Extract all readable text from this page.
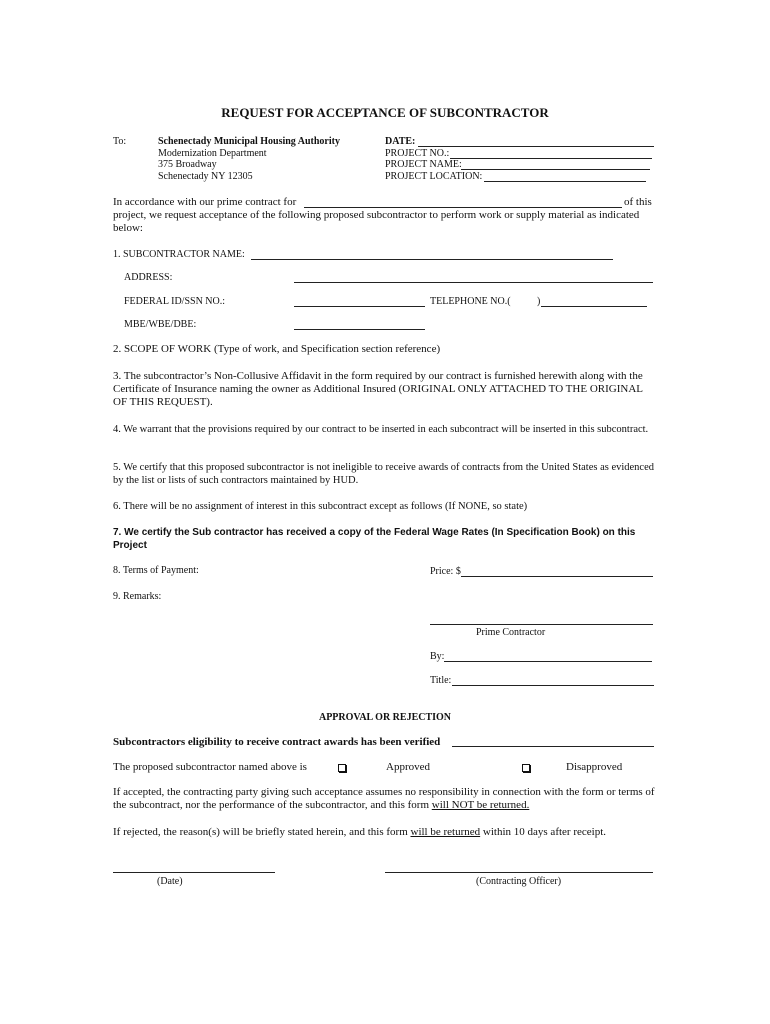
REQUEST FOR ACCEPTANCE OF SUBCONTRACTOR
To:	Schenectady Municipal Housing Authority
Modernization Department
375 Broadway
Schenectady NY 12305
DATE:
PROJECT NO.:
PROJECT NAME:
PROJECT LOCATION:
In accordance with our prime contract for	of this
project, we request acceptance of the following proposed subcontractor to perform work or supply material as indicated below:
1. SUBCONTRACTOR NAME:
ADDRESS:
FEDERAL ID/SSN NO.:	TELEPHONE NO.(	)
MBE/WBE/DBE:
2. SCOPE OF WORK (Type of work, and Specification section reference)
3. The subcontractor’s Non-Collusive Affidavit in the form required by our contract is furnished herewith along with the Certificate of Insurance naming the owner as Additional Insured (ORIGINAL ONLY ATTACHED TO THE ORIGINAL OF THIS REQUEST).
4. We warrant that the provisions required by our contract to be inserted in each subcontract will be inserted in this subcontract.
5. We certify that this proposed subcontractor is not ineligible to receive awards of contracts from the United States as evidenced by the list or lists of such contractors maintained by HUD.
6. There will be no assignment of interest in this subcontract except as follows (If NONE, so state)
7. We certify the Sub contractor has received a copy of the Federal Wage Rates (In Specification Book) on this Project
8. Terms of Payment:	Price: $
9. Remarks:
Prime Contractor
By:
Title:
APPROVAL OR REJECTION
Subcontractors eligibility to receive contract awards has been verified
The proposed subcontractor named above is	Approved	Disapproved
If accepted, the contracting party giving such acceptance assumes no responsibility in connection with the form or terms of the subcontract, nor the performance of the subcontractor, and this form will NOT be returned.
If rejected, the reason(s) will be briefly stated herein, and this form will be returned within 10 days after receipt.
(Date)	(Contracting Officer)
